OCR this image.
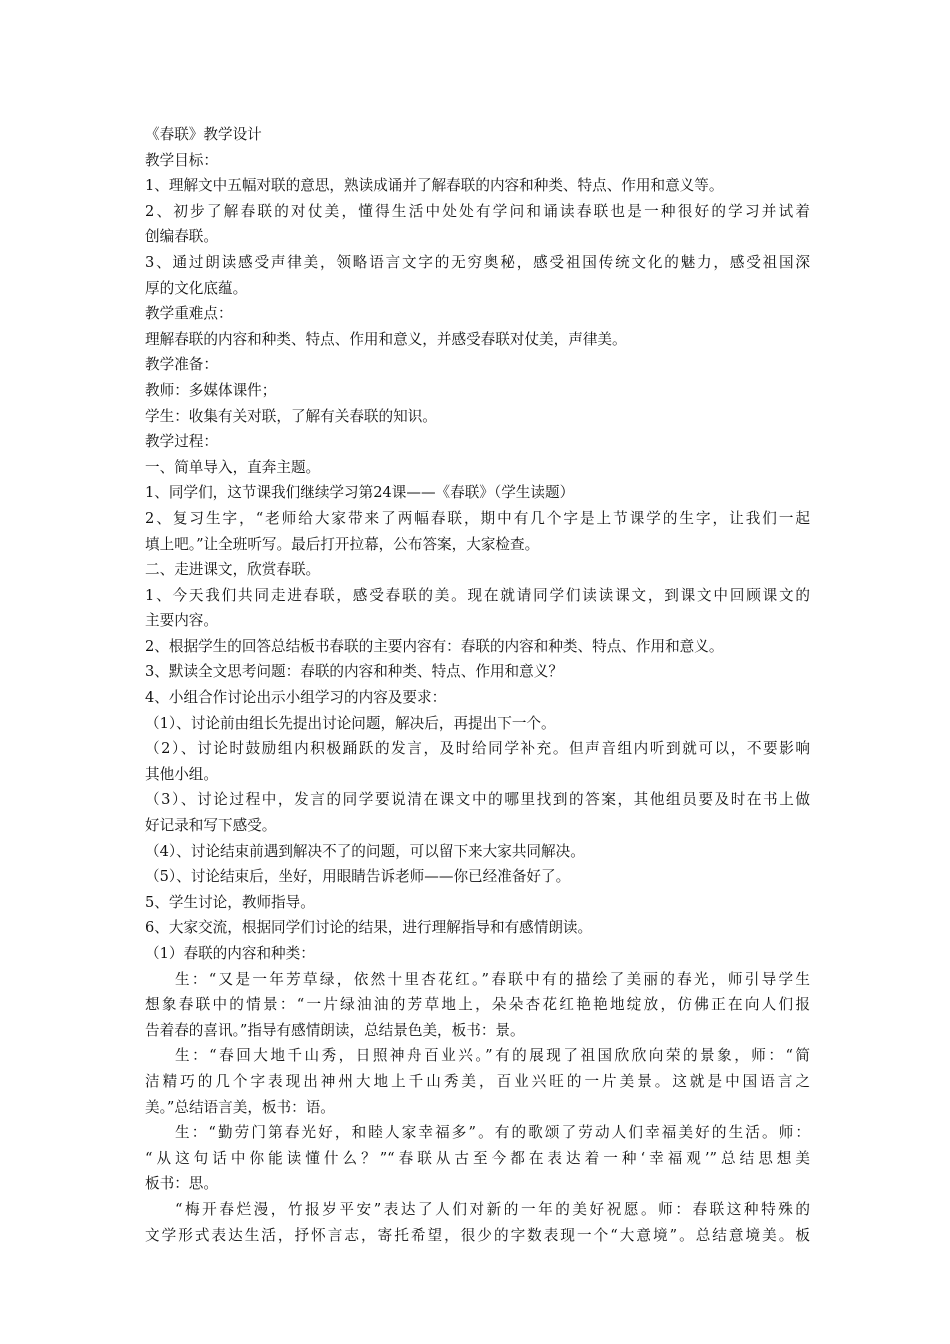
《春联》教学设计
教学目标：
1、理解文中五幅对联的意思，熟读成诵并了解春联的内容和种类、特点、作用和意义等。
2、初步了解春联的对仗美，懂得生活中处处有学问和诵读春联也是一种很好的学习并试着
创编春联。
3、通过朗读感受声律美，领略语言文字的无穷奥秘，感受祖国传统文化的魅力，感受祖国深
厚的文化底蕴。
教学重难点：
理解春联的内容和种类、特点、作用和意义，并感受春联对仗美，声律美。
教学准备：
教师：多媒体课件；
学生：收集有关对联，了解有关春联的知识。
教学过程：
一、简单导入，直奔主题。
1、同学们，这节课我们继续学习第24课——《春联》（学生读题）
2、复习生字，“老师给大家带来了两幅春联，期中有几个字是上节课学的生字，让我们一起
填上吧。”让全班听写。最后打开拉幕，公布答案，大家检查。
二、走进课文，欣赏春联。
1、今天我们共同走进春联，感受春联的美。现在就请同学们读读课文，到课文中回顾课文的
主要内容。
2、根据学生的回答总结板书春联的主要内容有：春联的内容和种类、特点、作用和意义。
3、默读全文思考问题：春联的内容和种类、特点、作用和意义？
4、小组合作讨论出示小组学习的内容及要求：
（1）、讨论前由组长先提出讨论问题，解决后，再提出下一个。
（2）、讨论时鼓励组内积极踊跃的发言，及时给同学补充。但声音组内听到就可以，不要影响
其他小组。
（3）、讨论过程中，发言的同学要说清在课文中的哪里找到的答案，其他组员要及时在书上做
好记录和写下感受。
（4）、讨论结束前遇到解决不了的问题，可以留下来大家共同解决。
（5）、讨论结束后，坐好，用眼睛告诉老师——你已经准备好了。
5、学生讨论，教师指导。
6、大家交流，根据同学们讨论的结果，进行理解指导和有感情朗读。
（1）春联的内容和种类：
生：“又是一年芳草绿，依然十里杏花红。”春联中有的描绘了美丽的春光，师引导学生
想象春联中的情景：“一片绿油油的芳草地上，朵朵杏花红艳艳地绽放，仿佛正在向人们报
告着春的喜讯。”指导有感情朗读，总结景色美，板书：景。
生：“春回大地千山秀，日照神舟百业兴。”有的展现了祖国欣欣向荣的景象，师：“简
洁精巧的几个字表现出神州大地上千山秀美，百业兴旺的一片美景。这就是中国语言之
美。”总结语言美，板书：语。
生：“勤劳门第春光好，和睦人家幸福多”。有的歌颂了劳动人们幸福美好的生活。师：
“从这句话中你能读懂什么？”“春联从古至今都在表达着一种‘幸福观’”总结思想美
板书：思。
“梅开春烂漫，竹报岁平安”表达了人们对新的一年的美好祝愿。师：春联这种特殊的
文学形式表达生活，抒怀言志，寄托希望，很少的字数表现一个“大意境”。总结意境美。板
